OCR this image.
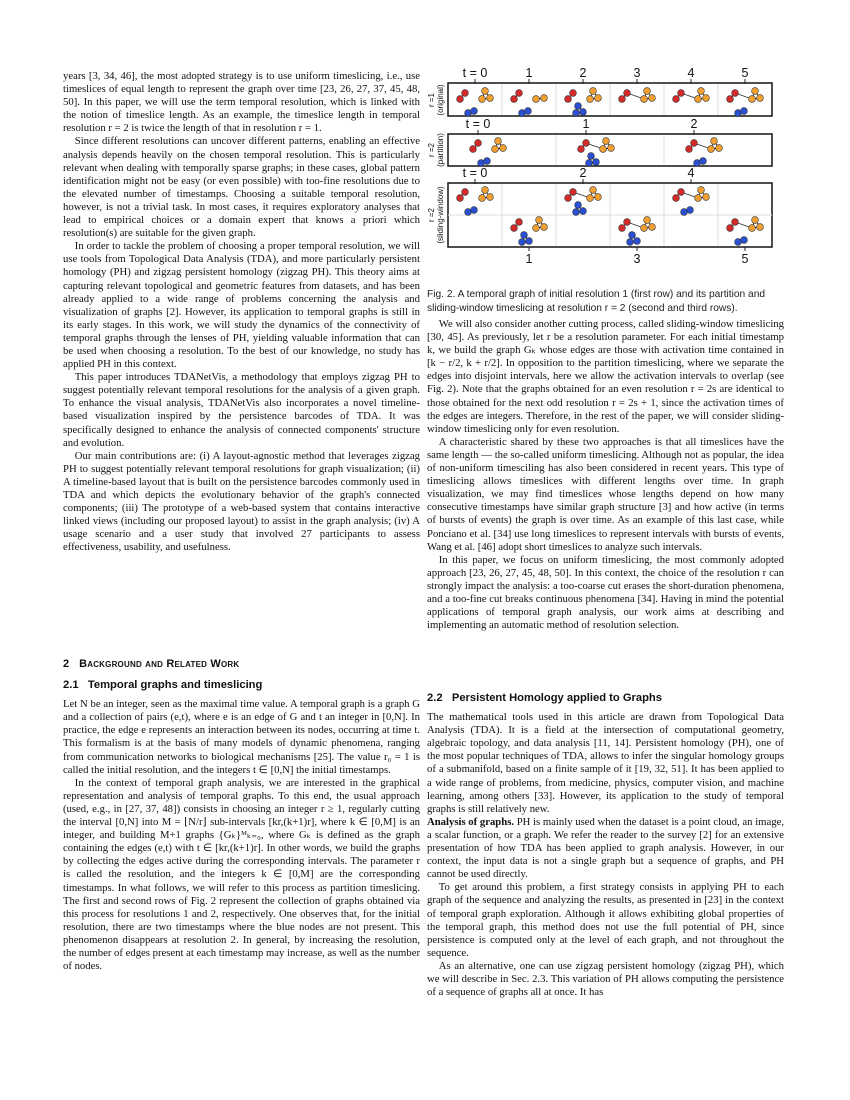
years [3, 34, 46], the most adopted strategy is to use uniform timeslicing, i.e., use timeslices of equal length to represent the graph over time [23, 26, 27, 37, 45, 48, 50]. In this paper, we will use the term temporal resolution, which is linked with the notion of timeslice length. As an example, the timeslice length in temporal resolution r = 2 is twice the length of that in resolution r = 1.

Since different resolutions can uncover different patterns, enabling an effective analysis depends heavily on the chosen temporal resolution. This is particularly relevant when dealing with temporally sparse graphs; in these cases, global pattern identification might not be easy (or even possible) with too-fine resolutions due to the elevated number of timestamps. Choosing a suitable temporal resolution, however, is not a trivial task. In most cases, it requires exploratory analyses that lead to empirical choices or a domain expert that knows a priori which resolution(s) are suitable for the given graph.

In order to tackle the problem of choosing a proper temporal resolution, we will use tools from Topological Data Analysis (TDA), and more particularly persistent homology (PH) and zigzag persistent homology (zigzag PH). This theory aims at capturing relevant topological and geometric features from datasets, and has been already applied to a wide range of problems concerning the analysis and visualization of graphs [2]. However, its application to temporal graphs is still in its early stages. In this work, we will study the dynamics of the connectivity of temporal graphs through the lenses of PH, yielding valuable information that can be used when choosing a resolution. To the best of our knowledge, no study has applied PH in this context.

This paper introduces TDANetVis, a methodology that employs zigzag PH to suggest potentially relevant temporal resolutions for the analysis of a given graph. To enhance the visual analysis, TDANetVis also incorporates a novel timeline-based visualization inspired by the persistence barcodes of TDA. It was specifically designed to enhance the analysis of connected components' structure and evolution.

Our main contributions are: (i) A layout-agnostic method that leverages zigzag PH to suggest potentially relevant temporal resolutions for graph visualization; (ii) A timeline-based layout that is built on the persistence barcodes commonly used in TDA and which depicts the evolutionary behavior of the graph's connected components; (iii) The prototype of a web-based system that contains interactive linked views (including our proposed layout) to assist in the graph analysis; (iv) A usage scenario and a user study that involved 27 participants to assess effectiveness, usability, and usefulness.

2   Background and Related Work
2.1   Temporal graphs and timeslicing

Let N be an integer, seen as the maximal time value. A temporal graph is a graph G and a collection of pairs (e,t), where e is an edge of G and t an integer in [0,N]. In practice, the edge e represents an interaction between its nodes, occurring at time t. This formalism is at the basis of many models of dynamic phenomena, ranging from communication networks to biological mechanisms [25]. The value r₀ = 1 is called the initial resolution, and the integers t ∈ [0,N] the initial timestamps.

In the context of temporal graph analysis, we are interested in the graphical representation and analysis of temporal graphs. To this end, the usual approach (used, e.g., in [27, 37, 48]) consists in choosing an integer r ≥ 1, regularly cutting the interval [0,N] into M = ⌊N/r⌋ sub-intervals [kr,(k+1)r], where k ∈ [0,M] is an integer, and building M+1 graphs {Gₖ}ᴹₖ₌₀, where Gₖ is defined as the graph containing the edges (e,t) with t ∈ [kr,(k+1)r]. In other words, we build the graphs by collecting the edges active during the corresponding intervals. The parameter r is called the resolution, and the integers k ∈ [0,M] are the corresponding timestamps. In what follows, we will refer to this process as partition timeslicing. The first and second rows of Fig. 2 represent the collection of graphs obtained via this process for resolutions 1 and 2, respectively. One observes that, for the initial resolution, there are two timestamps where the blue nodes are not present. This phenomenon disappears at resolution 2. In general, by increasing the resolution, the number of edges present at each timestamp may increase, as well as the number of nodes.

t = 0	1	2	3	4	5
t = 0	1	2
t = 0	2	4
1	3	5
r =1 (original)
r =2 (partition)
r =2 (sliding-window)
Fig. 2. A temporal graph of initial resolution 1 (first row) and its partition and sliding-window timeslicing at resolution r = 2 (second and third rows).

We will also consider another cutting process, called sliding-window timeslicing [30, 45]. As previously, let r be a resolution parameter. For each initial timestamp k, we build the graph Gₖ whose edges are those with activation time contained in [k − r/2, k + r/2]. In opposition to the partition timeslicing, where we separate the edges into disjoint intervals, here we allow the activation intervals to overlap (see Fig. 2). Note that the graphs obtained for an even resolution r = 2s are identical to those obtained for the next odd resolution r = 2s + 1, since the activation times of the edges are integers. Therefore, in the rest of the paper, we will consider sliding-window timeslicing only for even resolution.

A characteristic shared by these two approaches is that all timeslices have the same length — the so-called uniform timeslicing. Although not as popular, the idea of non-uniform timesciling has also been considered in recent years. This type of timeslicing allows timeslices with different lengths over time. In graph visualization, we may find timeslices whose lengths depend on how many consecutive timestamps have similar graph structure [3] and how active (in terms of bursts of events) the graph is over time. As an example of this last case, while Ponciano et al. [34] use long timeslices to represent intervals with bursts of events, Wang et al. [46] adopt short timeslices to analyze such intervals.

In this paper, we focus on uniform timeslicing, the most commonly adopted approach [23, 26, 27, 45, 48, 50]. In this context, the choice of the resolution r can strongly impact the analysis: a too-coarse cut erases the short-duration phenomena, and a too-fine cut breaks continuous phenomena [34]. Having in mind the potential applications of temporal graph analysis, our work aims at describing and implementing an automatic method of resolution selection.

2.2   Persistent Homology applied to Graphs

The mathematical tools used in this article are drawn from Topological Data Analysis (TDA). It is a field at the intersection of computational geometry, algebraic topology, and data analysis [11, 14]. Persistent homology (PH), one of the most popular techniques of TDA, allows to infer the singular homology groups of a submanifold, based on a finite sample of it [19, 32, 51]. It has been applied to a wide range of problems, from medicine, physics, computer vision, and machine learning, among others [33]. However, its application to the study of temporal graphs is still relatively new.

Analysis of graphs. PH is mainly used when the dataset is a point cloud, an image, a scalar function, or a graph. We refer the reader to the survey [2] for an extensive presentation of how TDA has been applied to graph analysis. However, in our context, the input data is not a single graph but a sequence of graphs, and PH cannot be used directly.

To get around this problem, a first strategy consists in applying PH to each graph of the sequence and analyzing the results, as presented in [23] in the context of temporal graph exploration. Although it allows exhibiting global properties of the temporal graph, this method does not use the full potential of PH, since persistence is computed only at the level of each graph, and not throughout the sequence.

As an alternative, one can use zigzag persistent homology (zigzag PH), which we will describe in Sec. 2.3. This variation of PH allows computing the persistence of a sequence of graphs all at once. It has
